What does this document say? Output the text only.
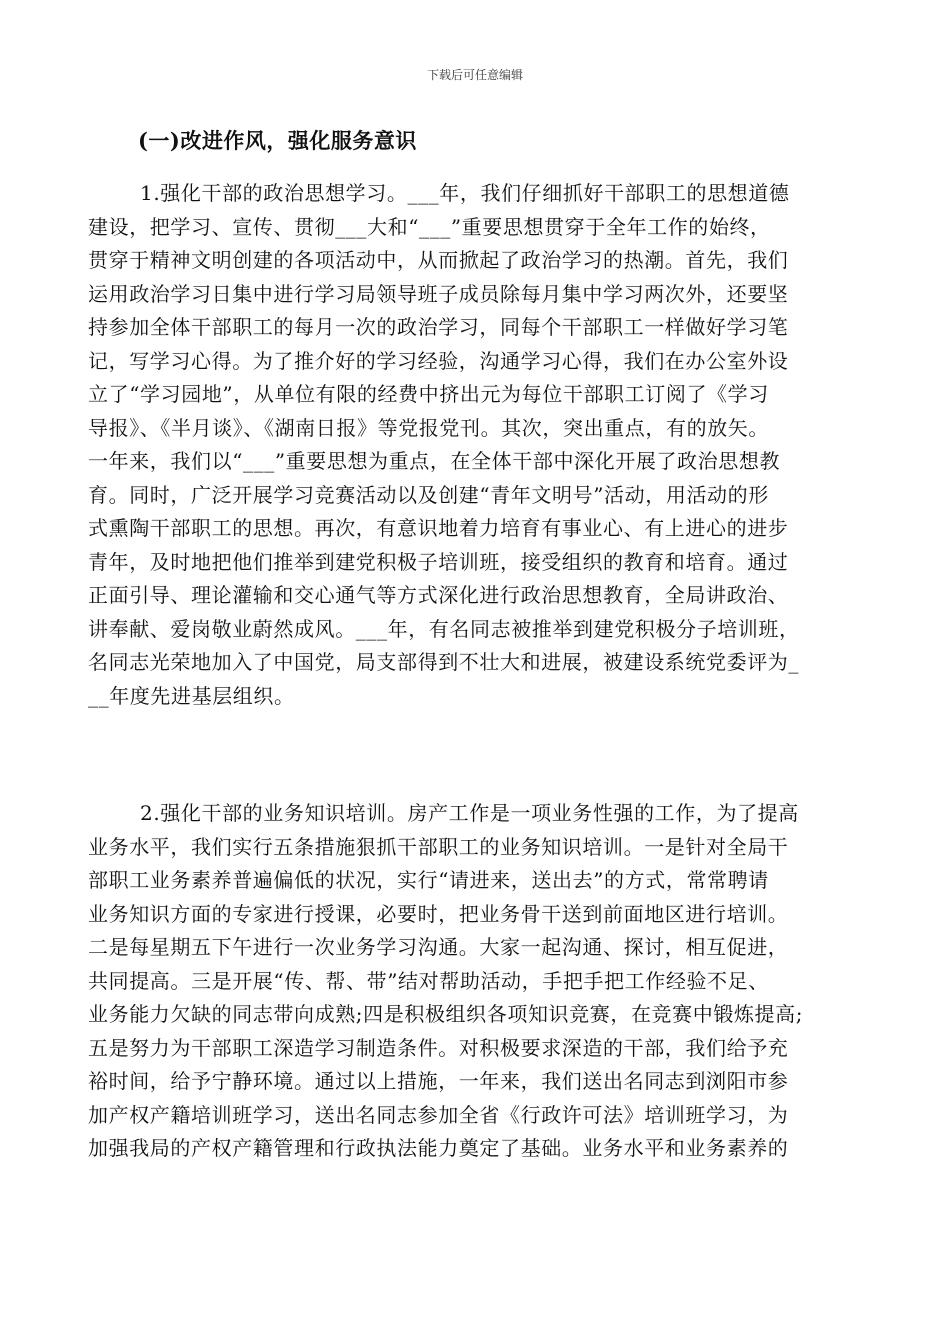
下载后可任意编辑
(一)改进作风，强化服务意识
1.强化干部的政治思想学习。___年，我们仔细抓好干部职工的思想道德
建设，把学习、宣传、贯彻___大和“___”重要思想贯穿于全年工作的始终，
贯穿于精神文明创建的各项活动中，从而掀起了政治学习的热潮。首先，我们
运用政治学习日集中进行学习局领导班子成员除每月集中学习两次外，还要坚
持参加全体干部职工的每月一次的政治学习，同每个干部职工一样做好学习笔
记，写学习心得。为了推介好的学习经验，沟通学习心得，我们在办公室外设
立了“学习园地”，从单位有限的经费中挤出元为每位干部职工订阅了《学习
导报》、《半月谈》、《湖南日报》等党报党刊。其次，突出重点，有的放矢。
一年来，我们以“___”重要思想为重点，在全体干部中深化开展了政治思想教
育。同时，广泛开展学习竞赛活动以及创建“青年文明号”活动，用活动的形
式熏陶干部职工的思想。再次，有意识地着力培育有事业心、有上进心的进步
青年，及时地把他们推举到建党积极子培训班，接受组织的教育和培育。通过
正面引导、理论灌输和交心通气等方式深化进行政治思想教育，全局讲政治、
讲奉献、爱岗敬业蔚然成风。___年，有名同志被推举到建党积极分子培训班，
名同志光荣地加入了中国党，局支部得到不壮大和进展，被建设系统党委评为_
__年度先进基层组织。
2.强化干部的业务知识培训。房产工作是一项业务性强的工作，为了提高
业务水平，我们实行五条措施狠抓干部职工的业务知识培训。一是针对全局干
部职工业务素养普遍偏低的状况，实行“请进来，送出去”的方式，常常聘请
业务知识方面的专家进行授课，必要时，把业务骨干送到前面地区进行培训。
二是每星期五下午进行一次业务学习沟通。大家一起沟通、探讨，相互促进，
共同提高。三是开展“传、帮、带”结对帮助活动，手把手把工作经验不足、
业务能力欠缺的同志带向成熟;四是积极组织各项知识竞赛，在竞赛中锻炼提高;
五是努力为干部职工深造学习制造条件。对积极要求深造的干部，我们给予充
裕时间，给予宁静环境。通过以上措施，一年来，我们送出名同志到浏阳市参
加产权产籍培训班学习，送出名同志参加全省《行政许可法》培训班学习，为
加强我局的产权产籍管理和行政执法能力奠定了基础。业务水平和业务素养的
